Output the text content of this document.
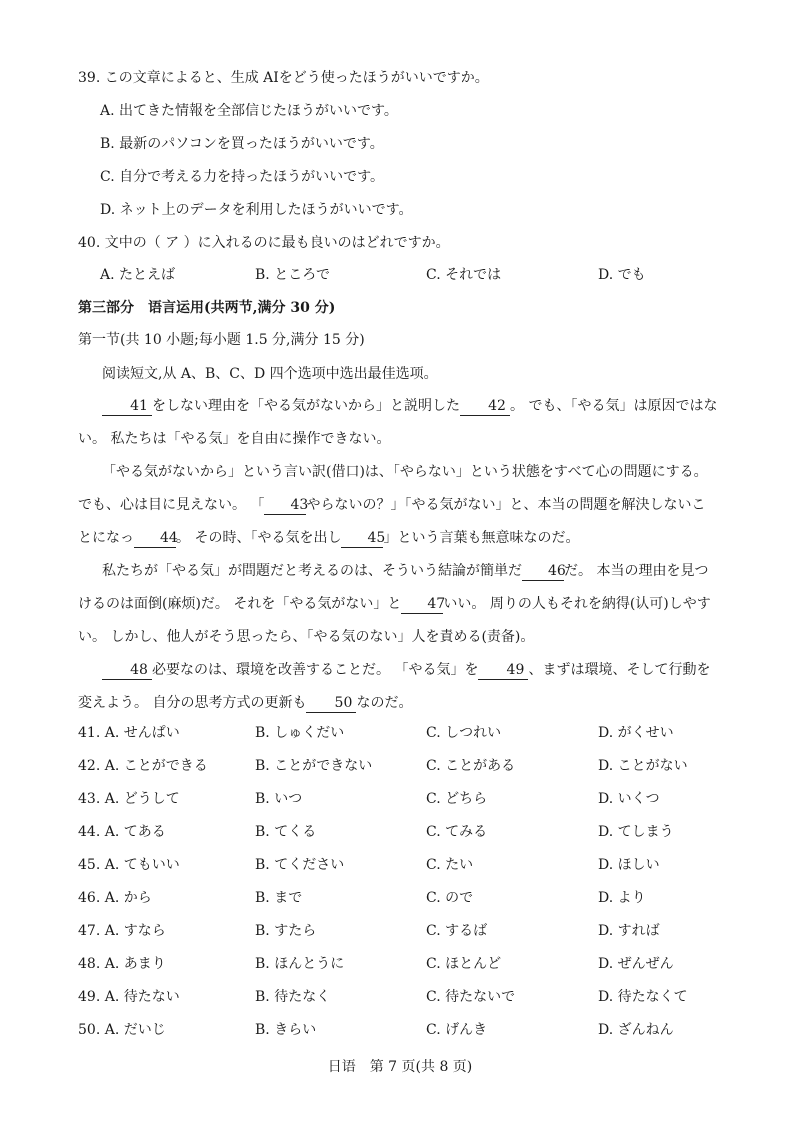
39. この文章によると、生成 AIをどう使ったほうがいいですか。
A. 出てきた情報を全部信じたほうがいいです。
B. 最新のパソコンを買ったほうがいいです。
C. 自分で考える力を持ったほうがいいです。
D. ネット上のデータを利用したほうがいいです。
40. 文中の（ ア ）に入れるのに最も良いのはどれですか。
A. たとえば	B. ところで	C. それでは	D. でも
第三部分　语言运用(共两节,满分 30 分)
第一节(共 10 小题;每小题 1.5 分,满分 15 分)
阅读短文,从 A、B、C、D 四个选项中选出最佳选项。
41 をしない理由を「やる気がないから」と説明した 42 。 でも、「やる気」は原因ではない。 私たちは「やる気」を自由に操作できない。
「やる気がないから」という言い訳(借口)は、「やらない」という状態をすべて心の問題にする。でも、心は目に見えない。 「 43やらないの？」「やる気がない」と、本当の問題を解決しないことになっ 44。 その時、「やる気を出し 45」という言葉も無意味なのだ。
私たちが「やる気」が問題だと考えるのは、そういう結論が簡単だ 46だ。 本当の理由を見つけるのは面倒(麻烦)だ。 それを「やる気がない」と 47いい。 周りの人もそれを納得(认可)しやすい。 しかし、他人がそう思ったら、「やる気のない」人を責める(责备)。
48 必要なのは、環境を改善することだ。 「やる気」を 49 、まずは環境、そして行動を変えよう。 自分の思考方式の更新も 50 なのだ。
41. A. せんぱい	B. しゅくだい	C. しつれい	D. がくせい
42. A. ことができる	B. ことができない	C. ことがある	D. ことがない
43. A. どうして	B. いつ	C. どちら	D. いくつ
44. A. てある	B. てくる	C. てみる	D. てしまう
45. A. てもいい	B. てください	C. たい	D. ほしい
46. A. から	B. まで	C. ので	D. より
47. A. すなら	B. すたら	C. するば	D. すれば
48. A. あまり	B. ほんとうに	C. ほとんど	D. ぜんぜん
49. A. 待たない	B. 待たなく	C. 待たないで	D. 待たなくて
50. A. だいじ	B. きらい	C. げんき	D. ざんねん
日语　第 7 页(共 8 页)
